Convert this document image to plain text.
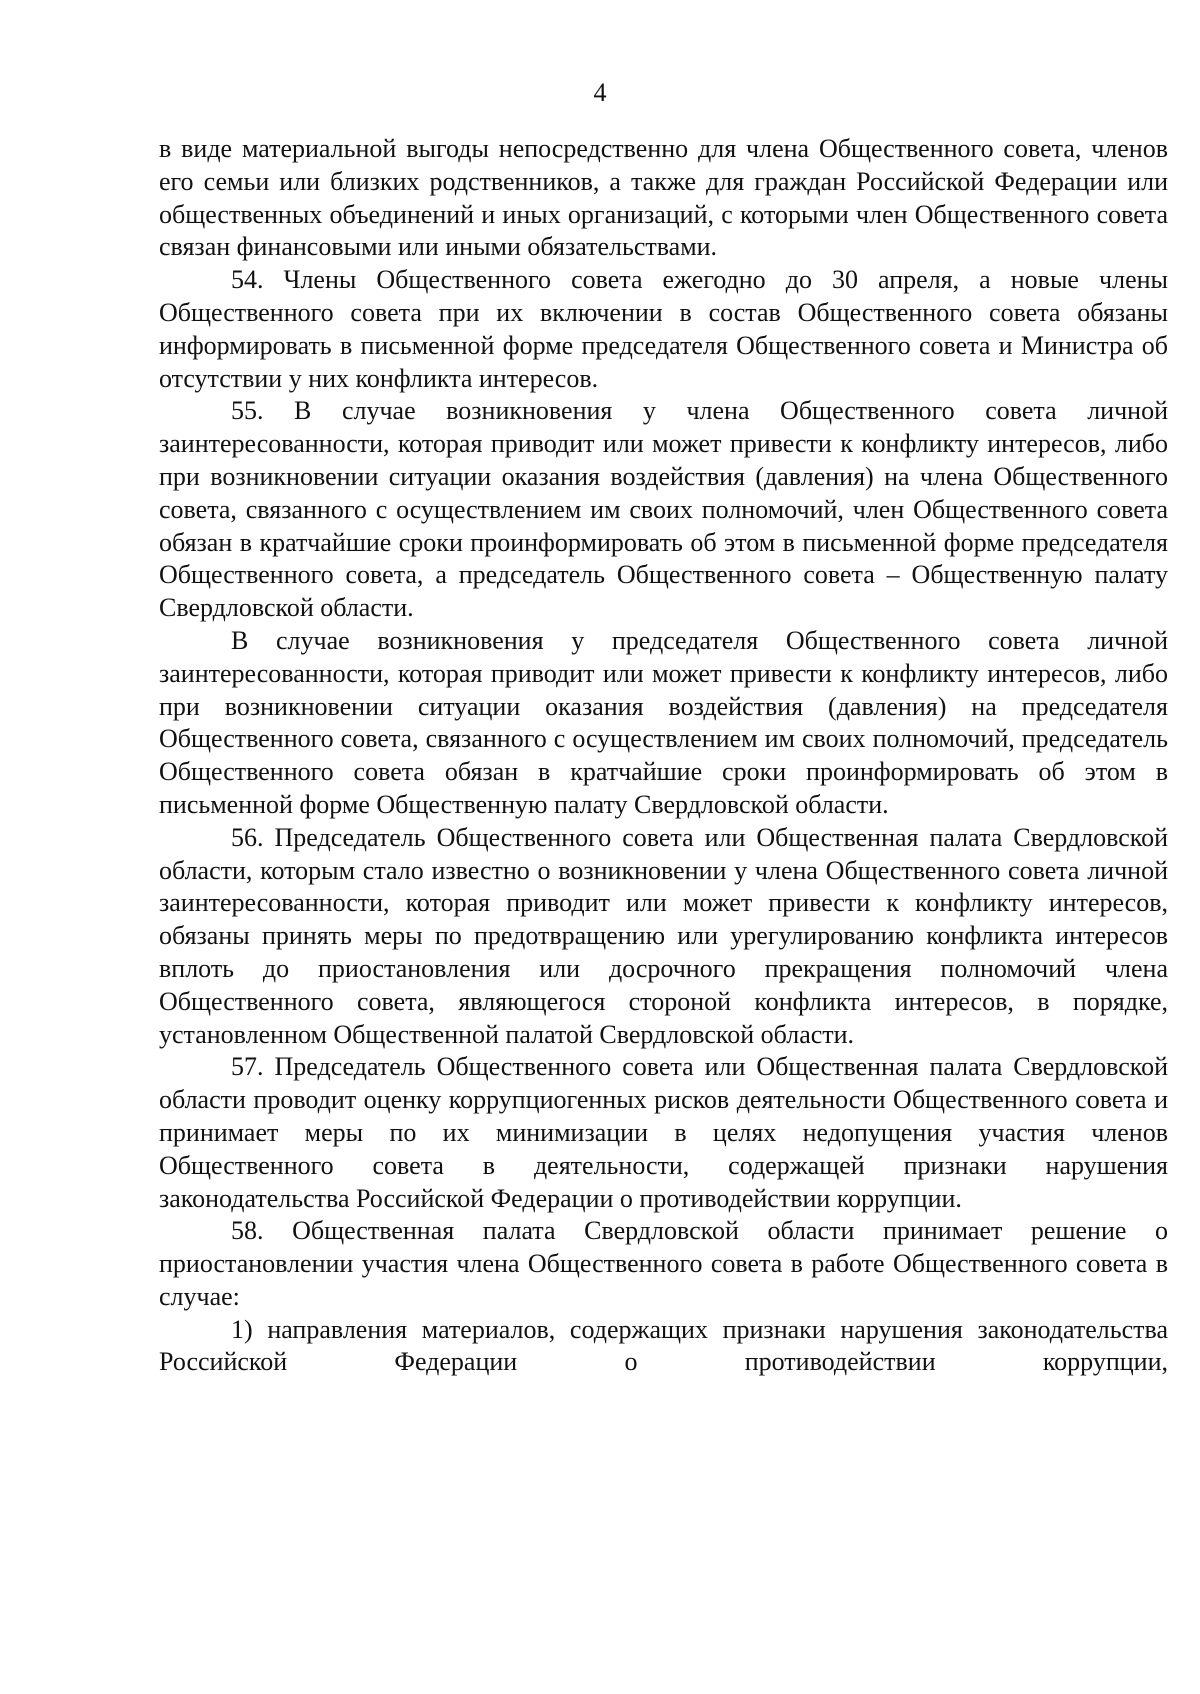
4

в виде материальной выгоды непосредственно для члена Общественного совета, членов его семьи или близких родственников, а также для граждан Российской Федерации или общественных объединений и иных организаций, с которыми член Общественного совета связан финансовыми или иными обязательствами.

54. Члены Общественного совета ежегодно до 30 апреля, а новые члены Общественного совета при их включении в состав Общественного совета обязаны информировать в письменной форме председателя Общественного совета и Министра об отсутствии у них конфликта интересов.

55. В случае возникновения у члена Общественного совета личной заинтересованности, которая приводит или может привести к конфликту интересов, либо при возникновении ситуации оказания воздействия (давления) на члена Общественного совета, связанного с осуществлением им своих полномочий, член Общественного совета обязан в кратчайшие сроки проинформировать об этом в письменной форме председателя Общественного совета, а председатель Общественного совета – Общественную палату Свердловской области.

В случае возникновения у председателя Общественного совета личной заинтересованности, которая приводит или может привести к конфликту интересов, либо при возникновении ситуации оказания воздействия (давления) на председателя Общественного совета, связанного с осуществлением им своих полномочий, председатель Общественного совета обязан в кратчайшие сроки проинформировать об этом в письменной форме Общественную палату Свердловской области.

56. Председатель Общественного совета или Общественная палата Свердловской области, которым стало известно о возникновении у члена Общественного совета личной заинтересованности, которая приводит или может привести к конфликту интересов, обязаны принять меры по предотвращению или урегулированию конфликта интересов вплоть до приостановления или досрочного прекращения полномочий члена Общественного совета, являющегося стороной конфликта интересов, в порядке, установленном Общественной палатой Свердловской области.

57. Председатель Общественного совета или Общественная палата Свердловской области проводит оценку коррупциогенных рисков деятельности Общественного совета и принимает меры по их минимизации в целях недопущения участия членов Общественного совета в деятельности, содержащей признаки нарушения законодательства Российской Федерации о противодействии коррупции.

58. Общественная палата Свердловской области принимает решение о приостановлении участия члена Общественного совета в работе Общественного совета в случае:

1) направления материалов, содержащих признаки нарушения законодательства Российской Федерации о противодействии коррупции,
